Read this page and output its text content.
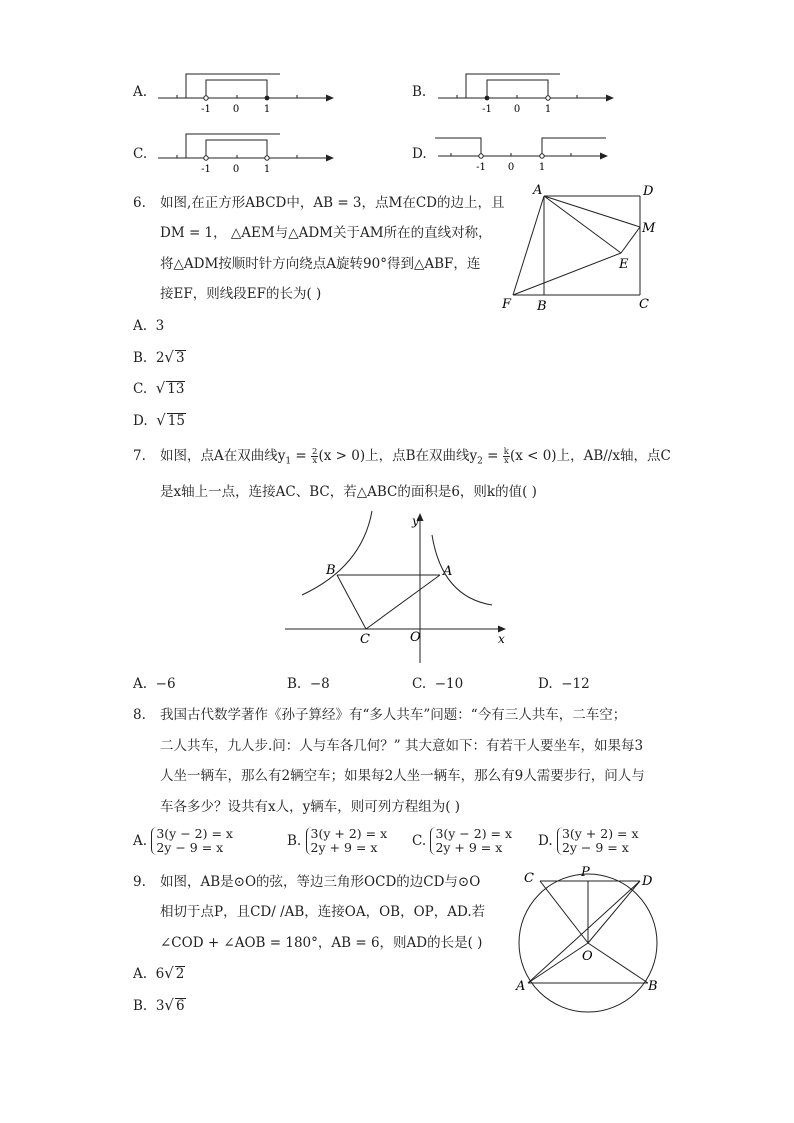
A.
-1 0 1
B.
-1 0 1
C.
-1 0 1
D.
-1 0 1
6. 如图,在正方形ABCD中，AB = 3，点M在CD的边上，且
DM = 1， △AEM与△ADM关于AM所在的直线对称，
将△ADM按顺时针方向绕点A旋转90°得到△ABF，连
接EF，则线段EF的长为( )
A	D
M
E
F B	C
A. 3
B. 2√ 3
C. √ 13
D. √ 15
7. 如图，点A在双曲线$y_1 = \frac{2}{x} (x > 0)$上，点B在双曲线$y_2 = \frac{k}{x} (x < 0)$上，AB//x轴，点C
是x轴上一点，连接AC、BC，若△ABC的面积是6，则k的值( )
y
x
B	A
C	O
A. −6	B. −8	C. −10	D. −12
8. 我国古代数学著作《孙子算经》有“多人共车”问题：“今有三人共车，二车空；
二人共车，九人步.问：人与车各几何？” 其大意如下：有若干人要坐车，如果每3
人坐一辆车，那么有2辆空车；如果每2人坐一辆车，那么有9人需要步行，问人与
车各多少？设共有x人，y辆车，则可列方程组为( )
A. 3(y − 2) = x
2y − 9 = x	B. 3(y + 2) = x
2y + 9 = x	C. 3(y − 2) = x
2y + 9 = x	D. 3(y + 2) = x
2y − 9 = x
9. 如图，AB是⊙O的弦，等边三角形OCD的边CD与⊙O
相切于点P，且CD/ /AB，连接OA，OB，OP，AD.若
∠COD + ∠AOB = 180°，AB = 6，则AD的长是( )
C	P
D
O
A	B
A. 6√ 2
B. 3√ 6
